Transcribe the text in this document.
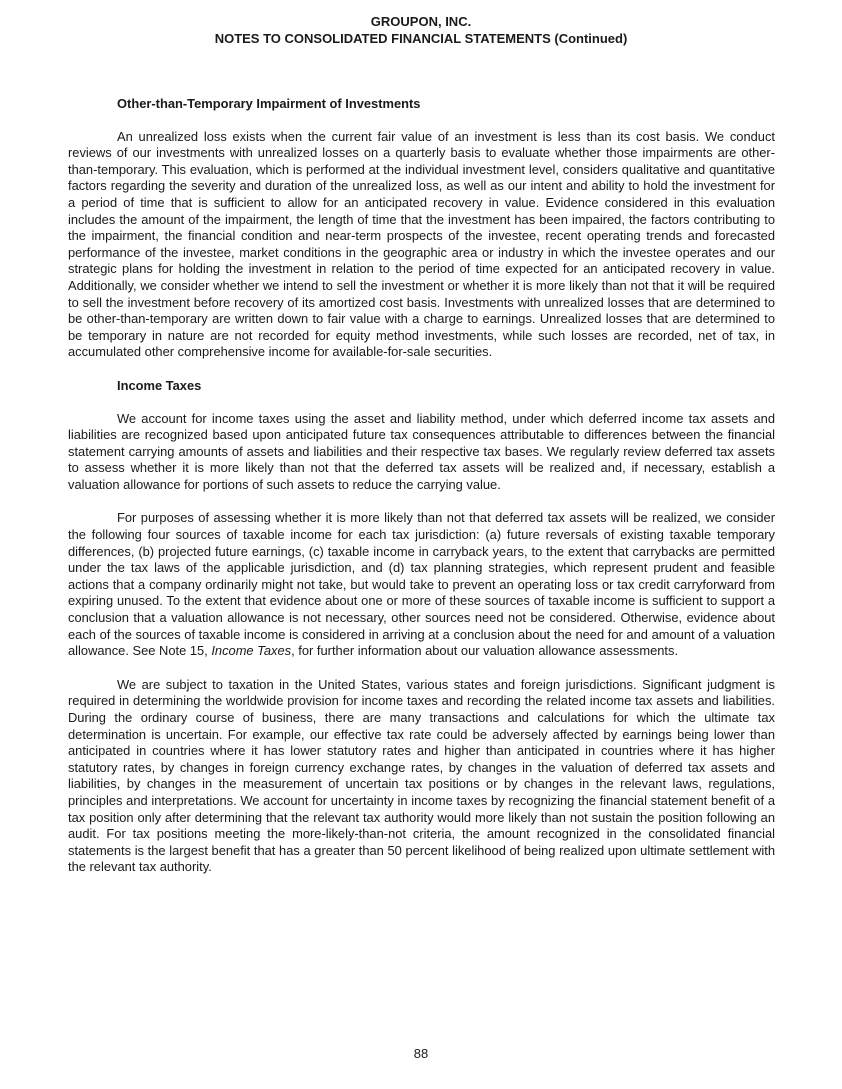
GROUPON, INC.
NOTES TO CONSOLIDATED FINANCIAL STATEMENTS (Continued)
Other-than-Temporary Impairment of Investments

An unrealized loss exists when the current fair value of an investment is less than its cost basis. We conduct reviews of our investments with unrealized losses on a quarterly basis to evaluate whether those impairments are other-than-temporary. This evaluation, which is performed at the individual investment level, considers qualitative and quantitative factors regarding the severity and duration of the unrealized loss, as well as our intent and ability to hold the investment for a period of time that is sufficient to allow for an anticipated recovery in value. Evidence considered in this evaluation includes the amount of the impairment, the length of time that the investment has been impaired, the factors contributing to the impairment, the financial condition and near-term prospects of the investee, recent operating trends and forecasted performance of the investee, market conditions in the geographic area or industry in which the investee operates and our strategic plans for holding the investment in relation to the period of time expected for an anticipated recovery in value. Additionally, we consider whether we intend to sell the investment or whether it is more likely than not that it will be required to sell the investment before recovery of its amortized cost basis. Investments with unrealized losses that are determined to be other-than-temporary are written down to fair value with a charge to earnings. Unrealized losses that are determined to be temporary in nature are not recorded for equity method investments, while such losses are recorded, net of tax, in accumulated other comprehensive income for available-for-sale securities.

Income Taxes

We account for income taxes using the asset and liability method, under which deferred income tax assets and liabilities are recognized based upon anticipated future tax consequences attributable to differences between the financial statement carrying amounts of assets and liabilities and their respective tax bases. We regularly review deferred tax assets to assess whether it is more likely than not that the deferred tax assets will be realized and, if necessary, establish a valuation allowance for portions of such assets to reduce the carrying value.

For purposes of assessing whether it is more likely than not that deferred tax assets will be realized, we consider the following four sources of taxable income for each tax jurisdiction: (a) future reversals of existing taxable temporary differences, (b) projected future earnings, (c) taxable income in carryback years, to the extent that carrybacks are permitted under the tax laws of the applicable jurisdiction, and (d) tax planning strategies, which represent prudent and feasible actions that a company ordinarily might not take, but would take to prevent an operating loss or tax credit carryforward from expiring unused. To the extent that evidence about one or more of these sources of taxable income is sufficient to support a conclusion that a valuation allowance is not necessary, other sources need not be considered. Otherwise, evidence about each of the sources of taxable income is considered in arriving at a conclusion about the need for and amount of a valuation allowance. See Note 15, Income Taxes, for further information about our valuation allowance assessments.

We are subject to taxation in the United States, various states and foreign jurisdictions. Significant judgment is required in determining the worldwide provision for income taxes and recording the related income tax assets and liabilities. During the ordinary course of business, there are many transactions and calculations for which the ultimate tax determination is uncertain. For example, our effective tax rate could be adversely affected by earnings being lower than anticipated in countries where it has lower statutory rates and higher than anticipated in countries where it has higher statutory rates, by changes in foreign currency exchange rates, by changes in the valuation of deferred tax assets and liabilities, by changes in the measurement of uncertain tax positions or by changes in the relevant laws, regulations, principles and interpretations. We account for uncertainty in income taxes by recognizing the financial statement benefit of a tax position only after determining that the relevant tax authority would more likely than not sustain the position following an audit. For tax positions meeting the more-likely-than-not criteria, the amount recognized in the consolidated financial statements is the largest benefit that has a greater than 50 percent likelihood of being realized upon ultimate settlement with the relevant tax authority.

88
